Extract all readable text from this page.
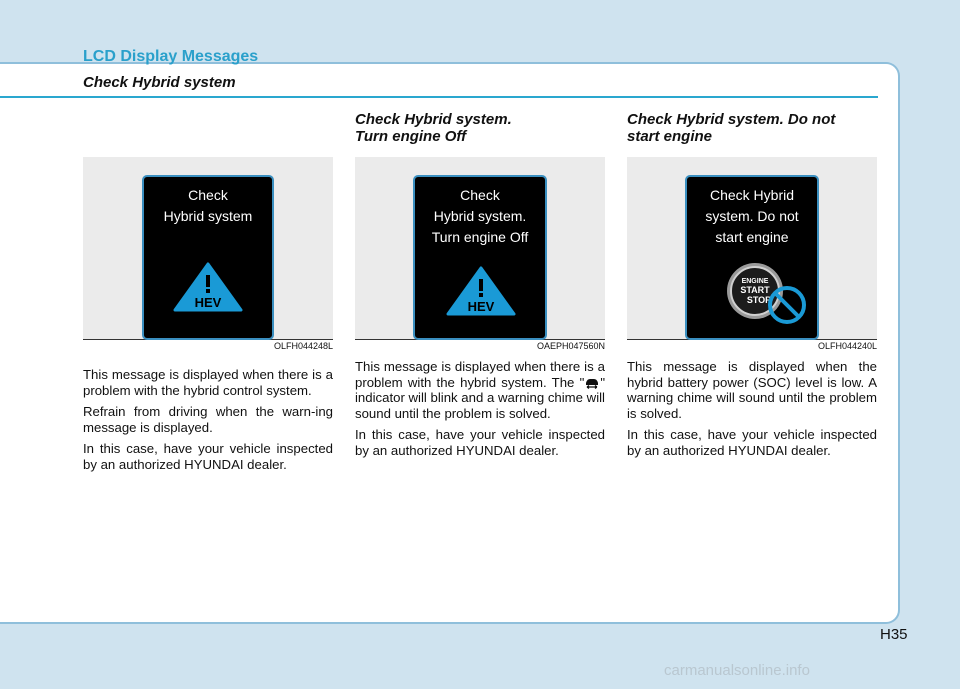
LCD Display Messages
Check Hybrid system
Check
Hybrid system
HEV
OLFH044248L

This message is displayed when there is a problem with the hybrid control system.

Refrain from driving when the warn-ing message is displayed.

In this case, have your vehicle inspected by an authorized HYUNDAI dealer.

Check Hybrid system.
Turn engine Off
Check
Hybrid system.
Turn engine Off
HEV
OAEPH047560N

This message is displayed when there is a problem with the hybrid system. The " " indicator will blink and a warning chime will sound until the problem is solved.

In this case, have your vehicle inspected by an authorized HYUNDAI dealer.

Check Hybrid system. Do not
start engine
Check Hybrid
system. Do not
start engine
ENGINE
START
STOP
OLFH044240L

This message is displayed when the hybrid battery power (SOC) level is low. A warning chime will sound until the problem is solved.

In this case, have your vehicle inspected by an authorized HYUNDAI dealer.

H35
carmanualsonline.info
